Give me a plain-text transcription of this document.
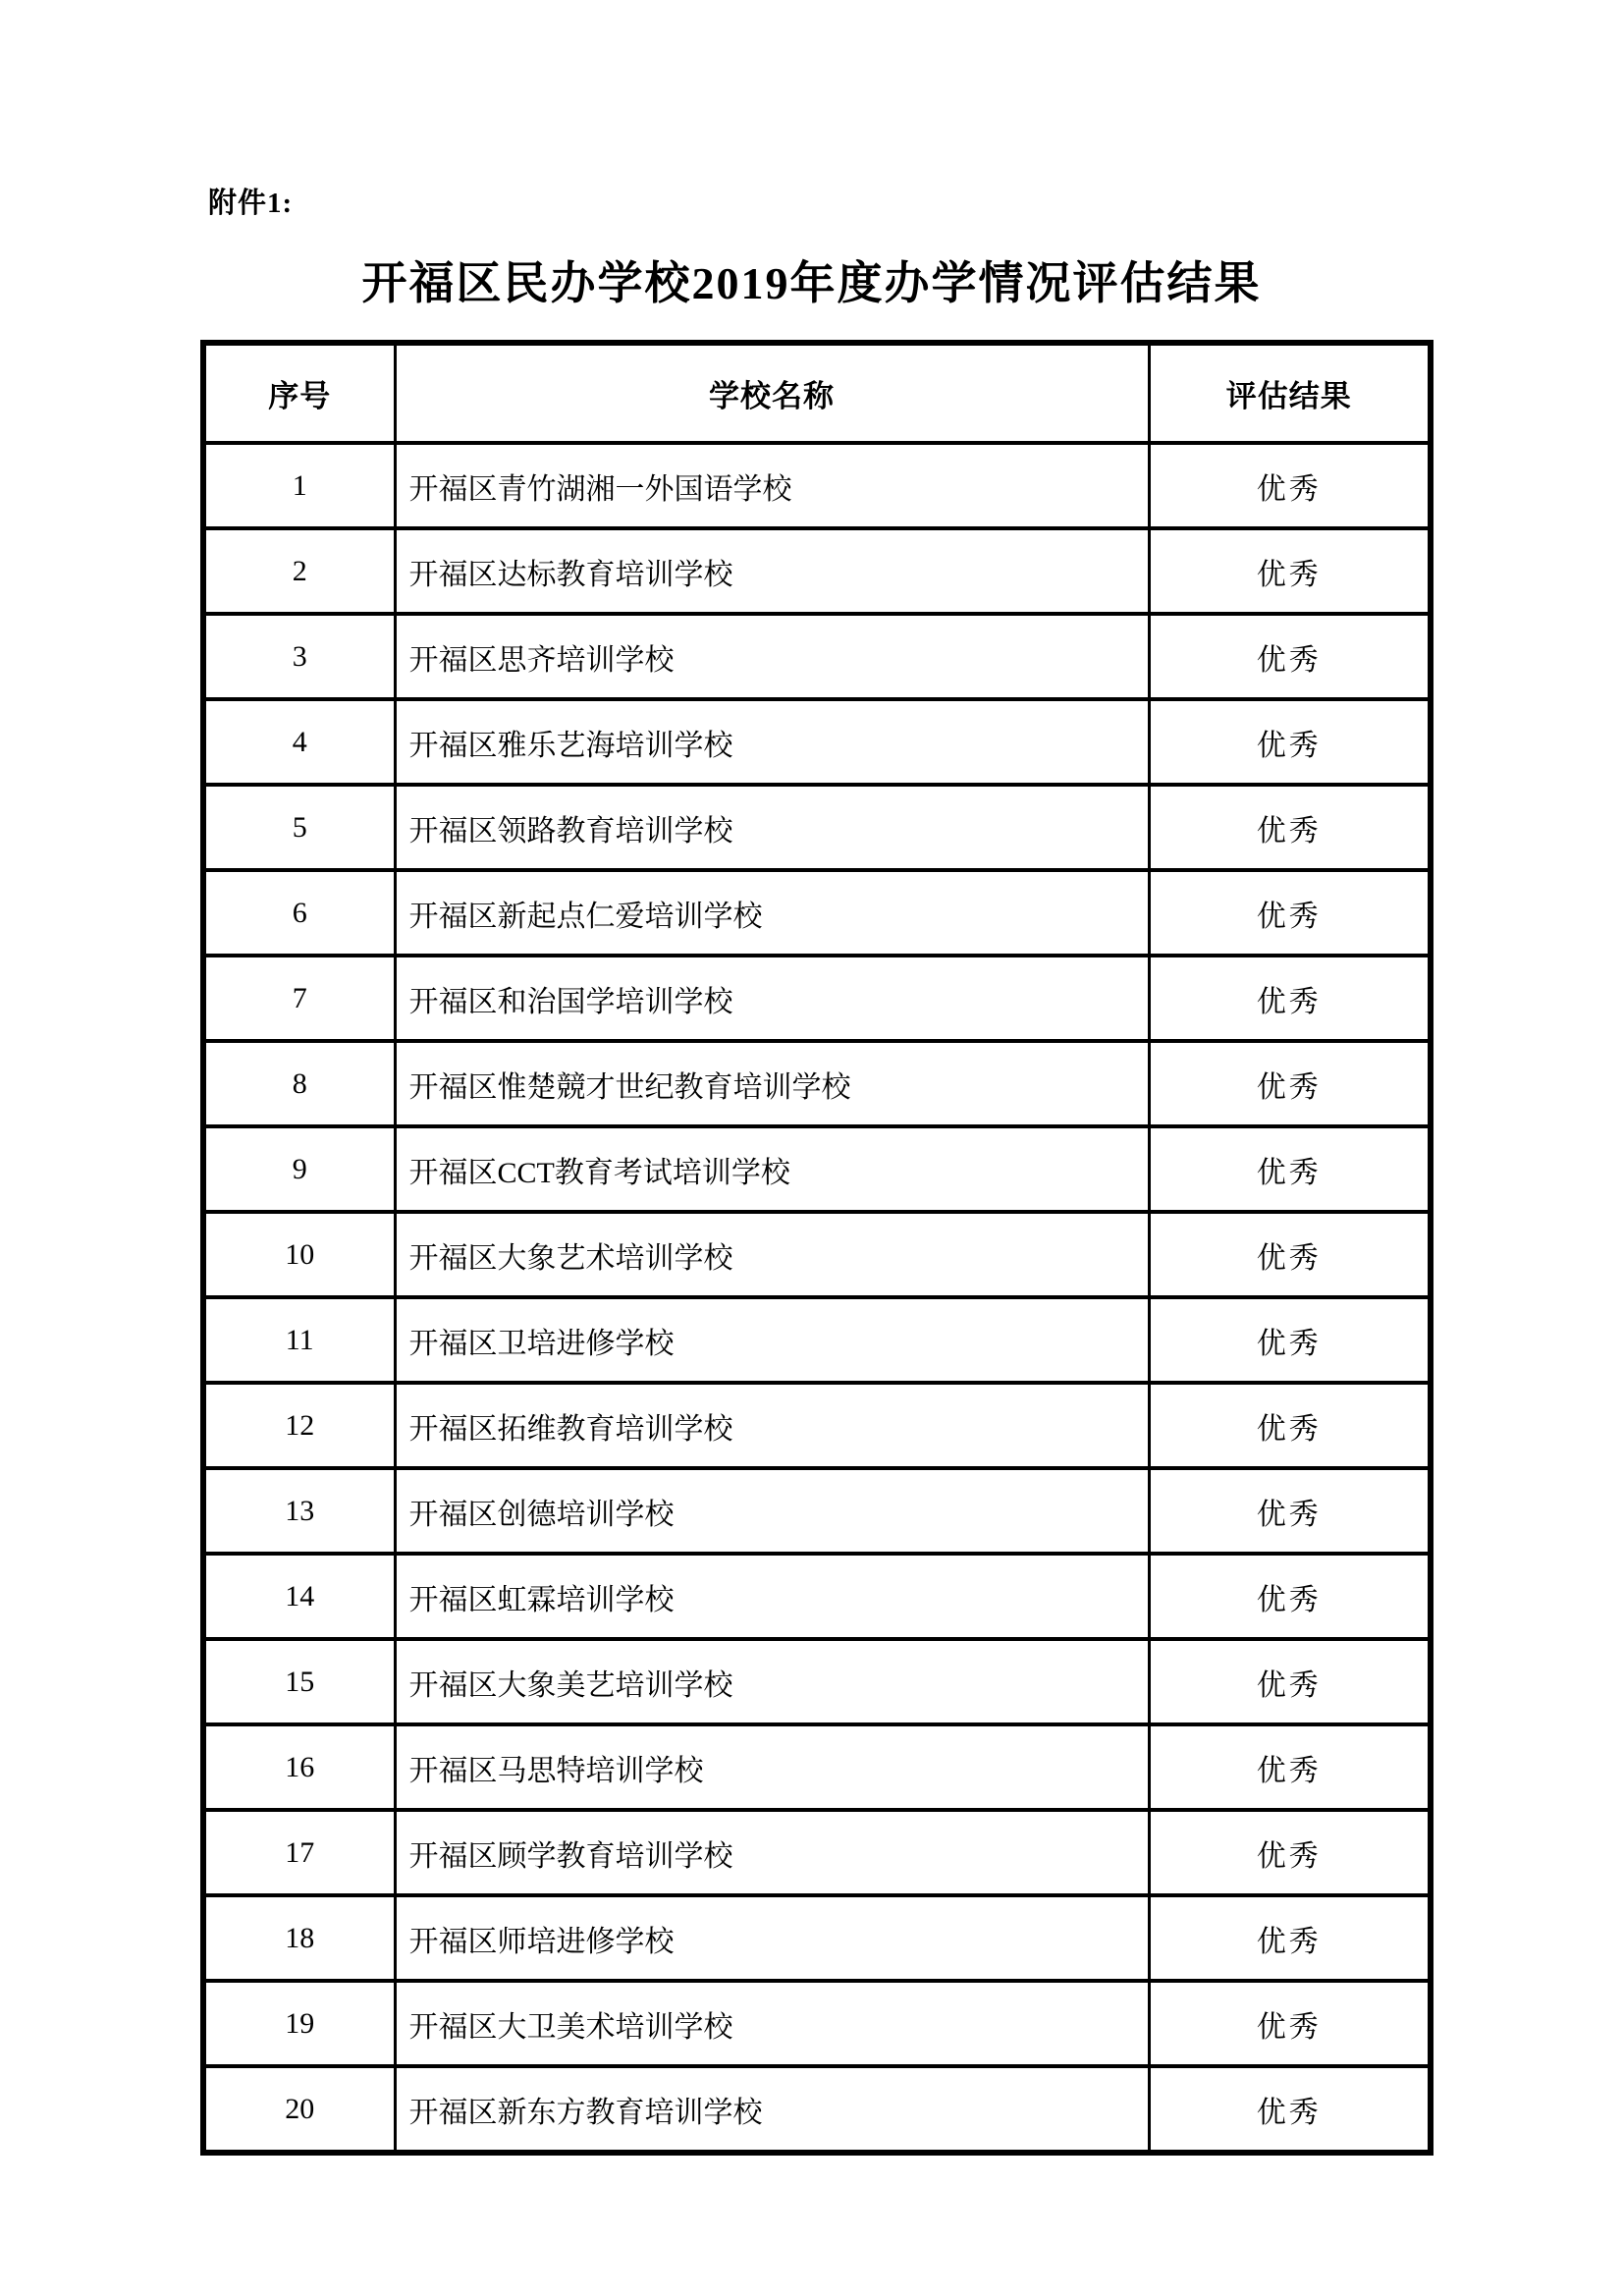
附件1:
开福区民办学校2019年度办学情况评估结果
序号	学校名称	评估结果
1	开福区青竹湖湘一外国语学校	优秀
2	开福区达标教育培训学校	优秀
3	开福区思齐培训学校	优秀
4	开福区雅乐艺海培训学校	优秀
5	开福区领路教育培训学校	优秀
6	开福区新起点仁爱培训学校	优秀
7	开福区和治国学培训学校	优秀
8	开福区惟楚競才世纪教育培训学校	优秀
9	开福区CCT教育考试培训学校	优秀
10	开福区大象艺术培训学校	优秀
11	开福区卫培进修学校	优秀
12	开福区拓维教育培训学校	优秀
13	开福区创德培训学校	优秀
14	开福区虹霖培训学校	优秀
15	开福区大象美艺培训学校	优秀
16	开福区马思特培训学校	优秀
17	开福区顾学教育培训学校	优秀
18	开福区师培进修学校	优秀
19	开福区大卫美术培训学校	优秀
20	开福区新东方教育培训学校	优秀
